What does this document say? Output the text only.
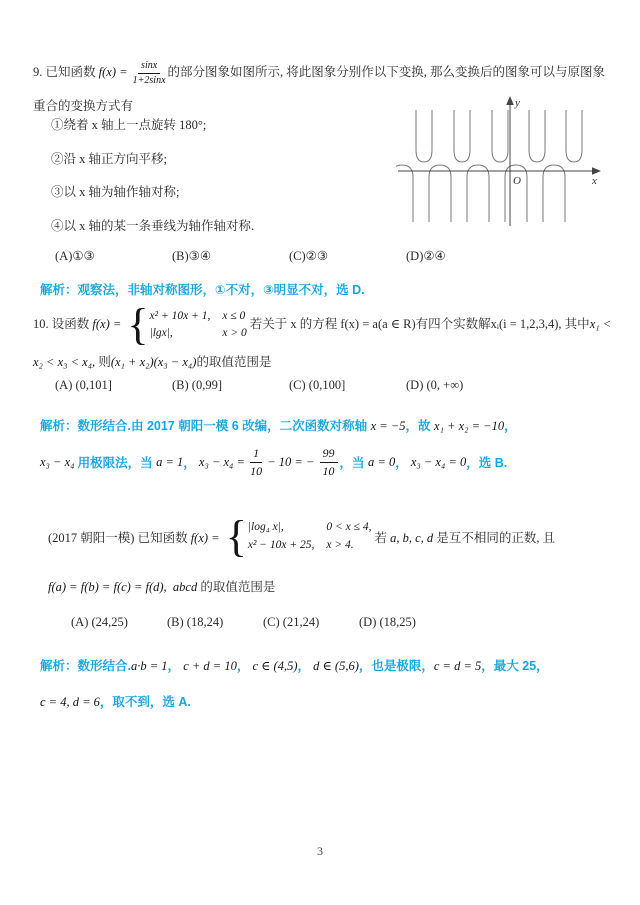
9. 已知函数 $f(x) = \frac{\sin x}{1+2\sin x}$ 的部分图象如图所示, 将此图象分别作以下变换, 那么变换后的图象可以与原图象重合的变换方式有

①绕着 x 轴上一点旋转 180°;
②沿 x 轴正方向平移;
③以 x 轴为轴作轴对称;
④以 x 轴的某一条垂线为轴作轴对称.
y
x
O
(A)①③	(B)③④	(C)②③	(D)②④

解析：观察法，非轴对称图形，①不对，③明显不对，选 D.

10. 设函数 f(x) = { x² + 10x + 1, x ≤ 0
|lgx|,	x > 0
若关于 x 的方程 f(x) = a(a ∈ R)有四个实数解xᵢ(i = 1,2,3,4), 其中x₁ < x₂ < x₃ < x₄, 则(x₁ + x₂)(x₃ − x₄)的取值范围是

(A) (0,101]	(B) (0,99]	(C) (0,100]	(D) (0, +∞)

解析：数形结合.由 2017 朝阳一模 6 改编，二次函数对称轴 x = −5，故 x₁ + x₂ = −10，

x₃ − x₄ 用极限法，当 a = 1 ， $x_3 - x_4 = \frac{1}{10} - 10$ = − $\frac{99}{10}$ ，当 a = 0 ， x₃ − x₄ = 0 ，选 B.
(2017 朝阳一模) 已知函数 f(x) = { |log₄ x|,	0 < x ≤ 4,
x² − 10x + 25, x > 4.	若 a, b, c, d 是互不相同的正数, 且

f(a) = f(b) = f(c) = f(d),  abcd 的取值范围是

(A) (24,25)	(B) (18,24)	(C) (21,24)	(D) (18,25)

解析：数形结合.a·b = 1， c + d = 10， c ∈ (4,5)， d ∈ (5,6)，也是极限，c = d = 5，最大 25，

c = 4, d = 6，取不到，选 A.

3
